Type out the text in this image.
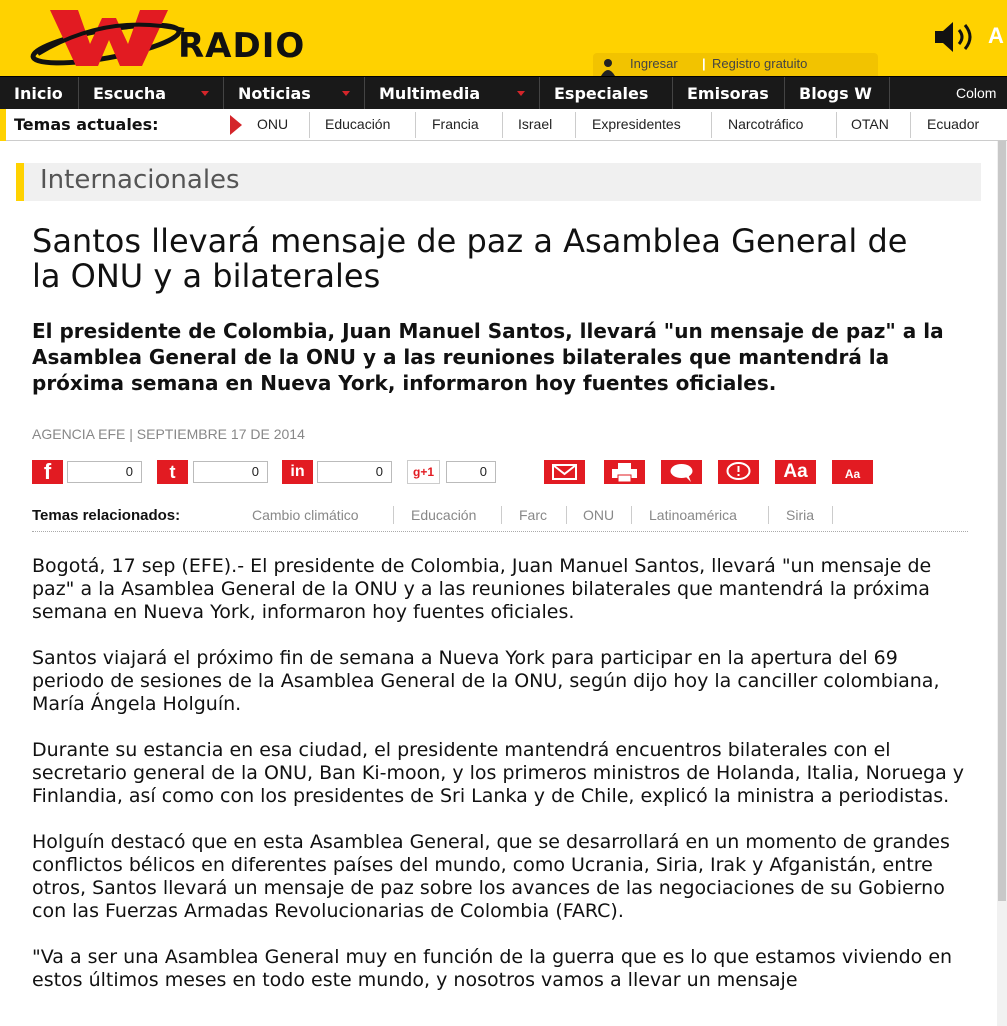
RADIO	Ingresar | Registro gratuito
A
Inicio	Escucha	Noticias	Multimedia	Especiales	Emisoras	Blogs W	Colom
Temas actuales:	ONU	Educación	Francia	Israel	Expresidentes	Narcotráfico	OTAN	Ecuador
Internacionales
Santos llevará mensaje de paz a Asamblea General de la ONU y a bilaterales
El presidente de Colombia, Juan Manuel Santos, llevará "un mensaje de paz" a la Asamblea General de la ONU y a las reuniones bilaterales que mantendrá la próxima semana en Nueva York, informaron hoy fuentes oficiales.
AGENCIA EFE | SEPTIEMBRE 17 DE 2014
f	0	t	0	in	0	g+1	0	Aa	Aa
Temas relacionados:	Cambio climático	Educación	Farc	ONU Latinoamérica	Siria

Bogotá, 17 sep (EFE).- El presidente de Colombia, Juan Manuel Santos, llevará "un mensaje de paz" a la Asamblea General de la ONU y a las reuniones bilaterales que mantendrá la próxima semana en Nueva York, informaron hoy fuentes oficiales.

Santos viajará el próximo fin de semana a Nueva York para participar en la apertura del 69 periodo de sesiones de la Asamblea General de la ONU, según dijo hoy la canciller colombiana, María Ángela Holguín.

Durante su estancia en esa ciudad, el presidente mantendrá encuentros bilaterales con el secretario general de la ONU, Ban Ki-moon, y los primeros ministros de Holanda, Italia, Noruega y Finlandia, así como con los presidentes de Sri Lanka y de Chile, explicó la ministra a periodistas.

Holguín destacó que en esta Asamblea General, que se desarrollará en un momento de grandes conflictos bélicos en diferentes países del mundo, como Ucrania, Siria, Irak y Afganistán, entre otros, Santos llevará un mensaje de paz sobre los avances de las negociaciones de su Gobierno con las Fuerzas Armadas Revolucionarias de Colombia (FARC).

"Va a ser una Asamblea General muy en función de la guerra que es lo que estamos viviendo en estos últimos meses en todo este mundo, y nosotros vamos a llevar un mensaje
